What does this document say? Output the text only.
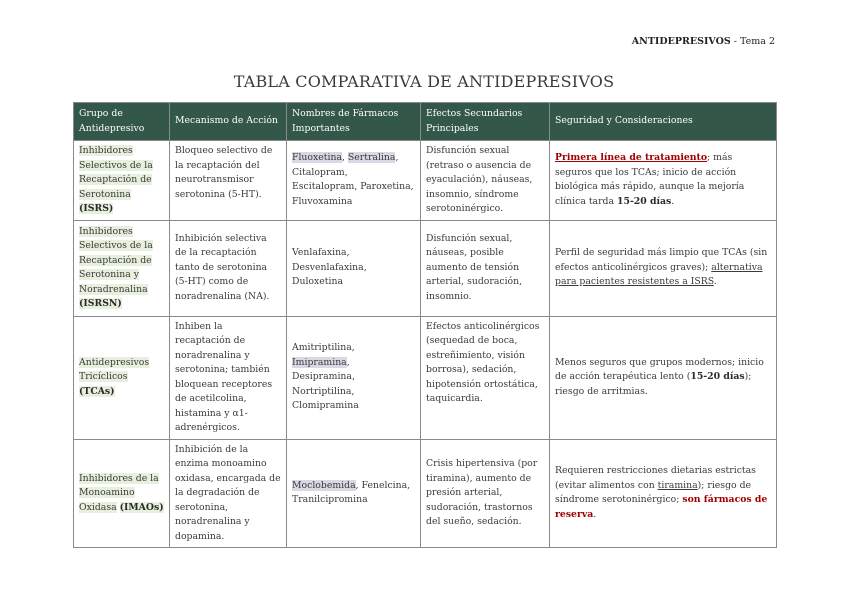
ANTIDEPRESIVOS - Tema 2
TABLA COMPARATIVA DE ANTIDEPRESIVOS
Grupo de Antidepresivo	Mecanismo de Acción	Nombres de Fármacos Importantes	Efectos Secundarios Principales	Seguridad y Consideraciones
Inhibidores Selectivos de la Recaptación de Serotonina (ISRS)	Bloqueo selectivo de la recaptación del neurotransmisor serotonina (5-HT).	Fluoxetina, Sertralina, Citalopram, Escitalopram, Paroxetina, Fluvoxamina	Disfunción sexual (retraso o ausencia de eyaculación), náuseas, insomnio, síndrome serotoninérgico.	Primera línea de tratamiento; más seguros que los TCAs; inicio de acción biológica más rápido, aunque la mejoría clínica tarda 15-20 días.
Inhibidores Selectivos de la Recaptación de Serotonina y Noradrenalina (ISRSN)	Inhibición selectiva de la recaptación tanto de serotonina (5-HT) como de noradrenalina (NA).	Venlafaxina, Desvenlafaxina, Duloxetina	Disfunción sexual, náuseas, posible aumento de tensión arterial, sudoración, insomnio.	Perfil de seguridad más limpio que TCAs (sin efectos anticolinérgicos graves); alternativa para pacientes resistentes a ISRS.
Antidepresivos Tricíclicos (TCAs)	Inhiben la recaptación de noradrenalina y serotonina; también bloquean receptores de acetilcolina, histamina y α1-adrenérgicos.	Amitriptilina, Imipramina, Desipramina, Nortriptilina, Clomipramina	Efectos anticolinérgicos (sequedad de boca, estreñimiento, visión borrosa), sedación, hipotensión ortostática, taquicardia.	Menos seguros que grupos modernos; inicio de acción terapéutica lento (15-20 días); riesgo de arritmias.
Inhibidores de la Monoamino Oxidasa (IMAOs)	Inhibición de la enzima monoamino oxidasa, encargada de la degradación de serotonina, noradrenalina y dopamina.	Moclobemida, Fenelcina, Tranilcipromina	Crisis hipertensiva (por tiramina), aumento de presión arterial, sudoración, trastornos del sueño, sedación.	Requieren restricciones dietarias estrictas (evitar alimentos con tiramina); riesgo de síndrome serotoninérgico; son fármacos de reserva.
